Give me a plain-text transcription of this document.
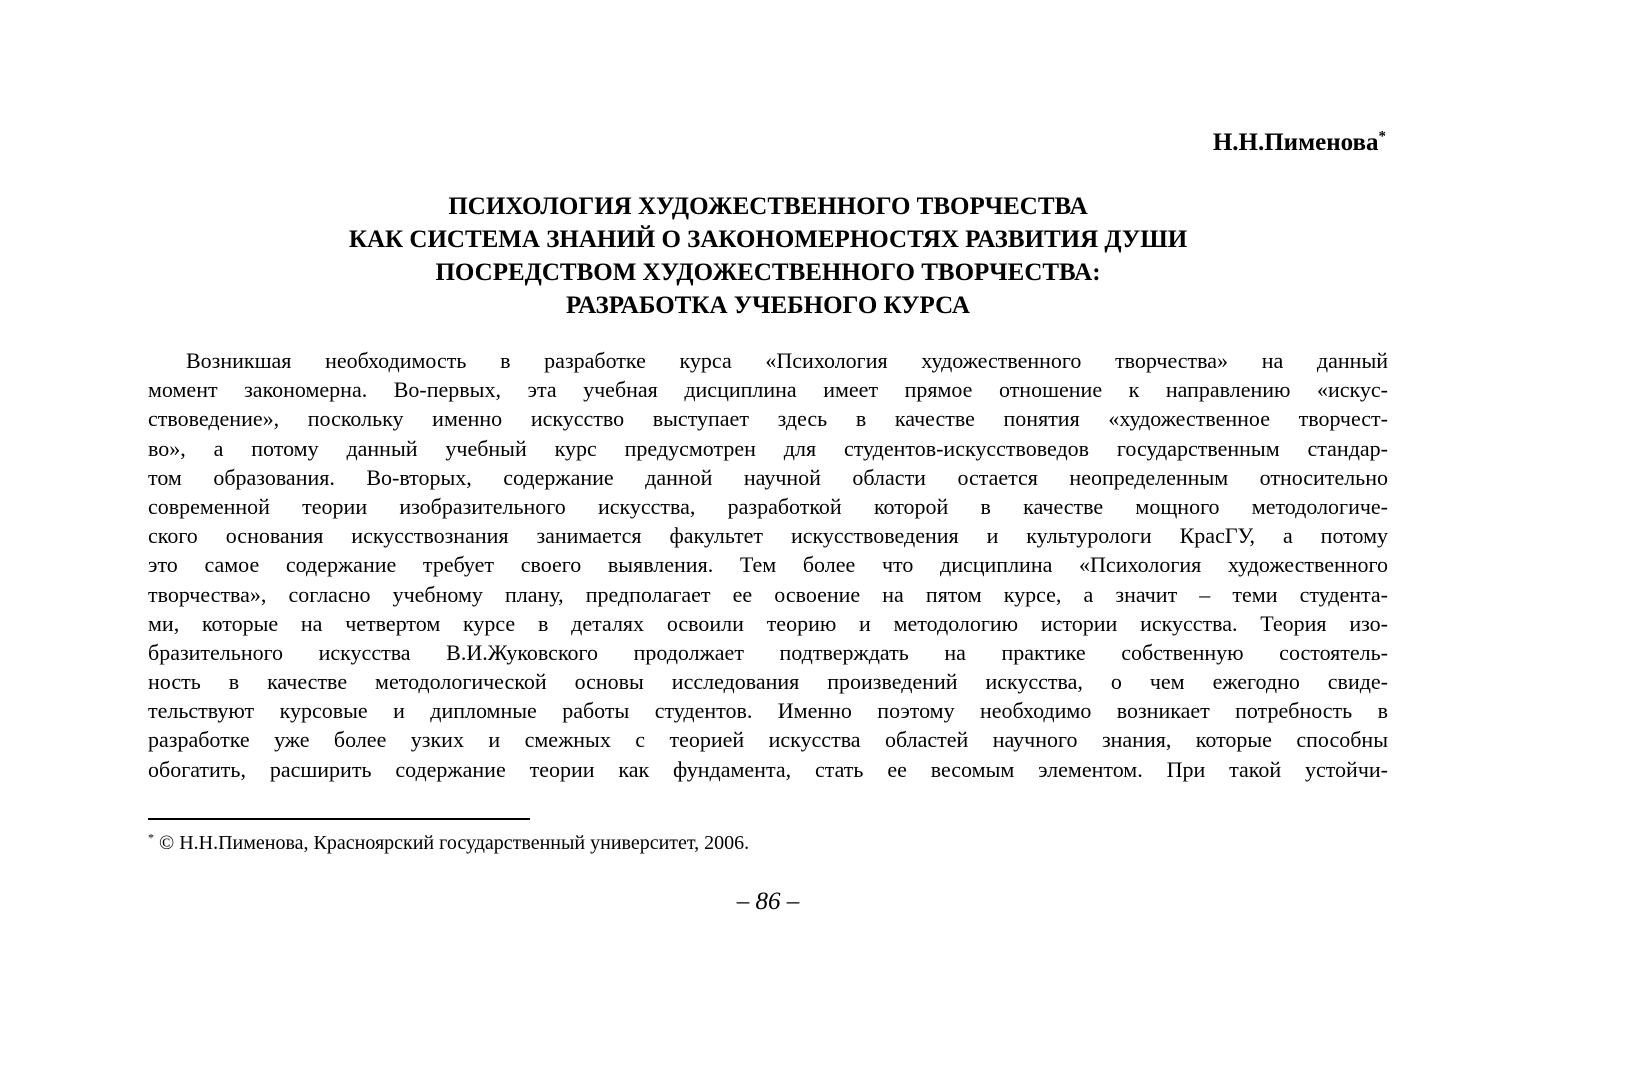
Н.Н.Пименова*
ПСИХОЛОГИЯ ХУДОЖЕСТВЕННОГО ТВОРЧЕСТВА
КАК СИСТЕМА ЗНАНИЙ О ЗАКОНОМЕРНОСТЯХ РАЗВИТИЯ ДУШИ
ПОСРЕДСТВОМ ХУДОЖЕСТВЕННОГО ТВОРЧЕСТВА:
РАЗРАБОТКА УЧЕБНОГО КУРСА
Возникшая необходимость в разработке курса «Психология художественного творчества» на данный
момент закономерна. Во-первых, эта учебная дисциплина имеет прямое отношение к направлению «искус-
ствоведение», поскольку именно искусство выступает здесь в качестве понятия «художественное творчест-
во», а потому данный учебный курс предусмотрен для студентов-искусствоведов государственным стандар-
том образования. Во-вторых, содержание данной научной области остается неопределенным относительно
современной теории изобразительного искусства, разработкой которой в качестве мощного методологиче-
ского основания искусствознания занимается факультет искусствоведения и культурологи КрасГУ, а потому
это самое содержание требует своего выявления. Тем более что дисциплина «Психология художественного
творчества», согласно учебному плану, предполагает ее освоение на пятом курсе, а значит – теми студента-
ми, которые на четвертом курсе в деталях освоили теорию и методологию истории искусства. Теория изо-
бразительного искусства В.И.Жуковского продолжает подтверждать на практике собственную состоятель-
ность в качестве методологической основы исследования произведений искусства, о чем ежегодно свиде-
тельствуют курсовые и дипломные работы студентов. Именно поэтому необходимо возникает потребность в
разработке уже более узких и смежных с теорией искусства областей научного знания, которые способны
обогатить, расширить содержание теории как фундамента, стать ее весомым элементом. При такой устойчи-
* © Н.Н.Пименова, Красноярский государственный университет, 2006.
– 86 –
